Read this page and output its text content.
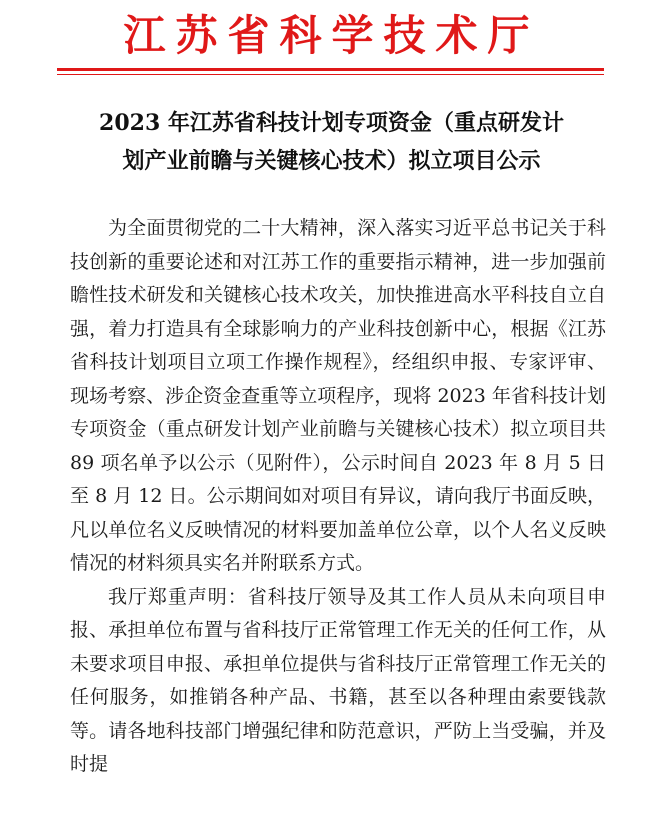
江苏省科学技术厅
2023 年江苏省科技计划专项资金（重点研发计
划产业前瞻与关键核心技术）拟立项目公示

为全面贯彻党的二十大精神，深入落实习近平总书记关于科技创新的重要论述和对江苏工作的重要指示精神，进一步加强前瞻性技术研发和关键核心技术攻关，加快推进高水平科技自立自强，着力打造具有全球影响力的产业科技创新中心，根据《江苏省科技计划项目立项工作操作规程》，经组织申报、专家评审、现场考察、涉企资金查重等立项程序，现将 2023 年省科技计划专项资金（重点研发计划产业前瞻与关键核心技术）拟立项目共 89 项名单予以公示（见附件），公示时间自 2023 年 8 月 5 日至 8 月 12 日。公示期间如对项目有异议，请向我厅书面反映，凡以单位名义反映情况的材料要加盖单位公章，以个人名义反映情况的材料须具实名并附联系方式。

我厅郑重声明：省科技厅领导及其工作人员从未向项目申报、承担单位布置与省科技厅正常管理工作无关的任何工作，从未要求项目申报、承担单位提供与省科技厅正常管理工作无关的任何服务，如推销各种产品、书籍，甚至以各种理由索要钱款等。请各地科技部门增强纪律和防范意识，严防上当受骗，并及时提
